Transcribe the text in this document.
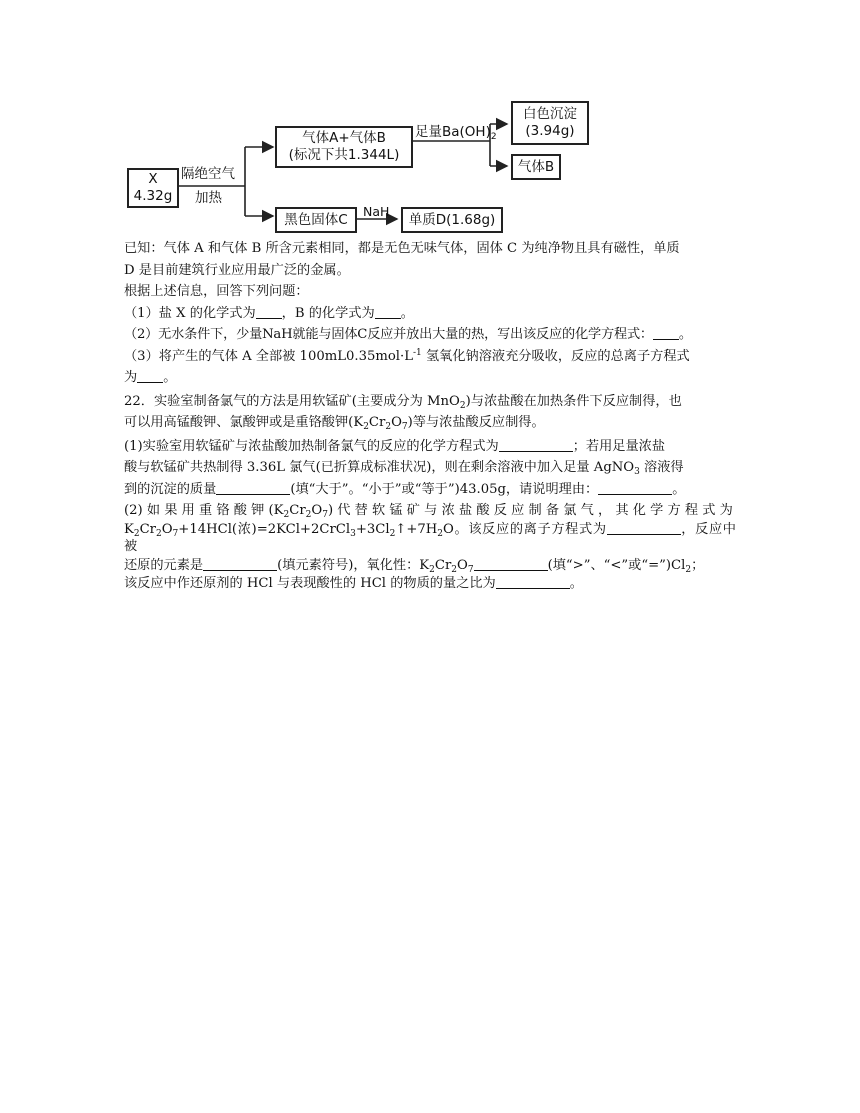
X
4.32g
隔绝空气
加热
气体A+气体B
(标况下共1.344L)
足量$Ba(OH)_2$
白色沉淀
(3.94g)
气体B
黑色固体C	NaH	单质D(1.68g)

已知：气体 A 和气体 B 所含元素相同，都是无色无味气体，固体 C 为纯净物且具有磁性，单质
D 是目前建筑行业应用最广泛的金属。

根据上述信息，回答下列问题：

（1）盐 X 的化学式为 ，B 的化学式为 。

（2）无水条件下，少量NaH就能与固体C反应并放出大量的热，写出该反应的化学方程式： 。

（3）将产生的气体 A 全部被 $100mL0.35mol\cdot L^{-1}$ 氢氧化钠溶液充分吸收，反应的总离子方程式
为 。

22．实验室制备氯气的方法是用软锰矿(主要成分为 MnO$_2$)与浓盐酸在加热条件下反应制得，也
可以用高锰酸钾、氯酸钾或是重铬酸钾$(K_2Cr_2O_7)$等与浓盐酸反应制得。

(1)实验室用软锰矿与浓盐酸加热制备氯气的反应的化学方程式为	；若用足量浓盐
酸与软锰矿共热制得 3.36L 氯气(已折算成标准状况)，则在剩余溶液中加入足量 AgNO$_3$ 溶液得
到的沉淀的质量	(填“大于”。“小于”或“等于”)43.05g，请说明理由：	。

(2) 如 果 用 重 铬 酸 钾 $(K_2Cr_2O_7)$ 代 替 软 锰 矿 与 浓 盐 酸 反 应 制 备 氯 气 ， 其 化 学 方 程 式 为
$K_2Cr_2O_7+14HCl$(浓)$=2KCl+2CrCl_3+3Cl_2↑+7H_2O$。该反应的离子方程式为	，反应中被
还原的元素是	(填元素符号)，氧化性：$K_2Cr_2O_7$	(填“>”、“<”或“$=”)Cl_2$；
该反应中作还原剂的 HCl 与表现酸性的 HCl 的物质的量之比为	。
